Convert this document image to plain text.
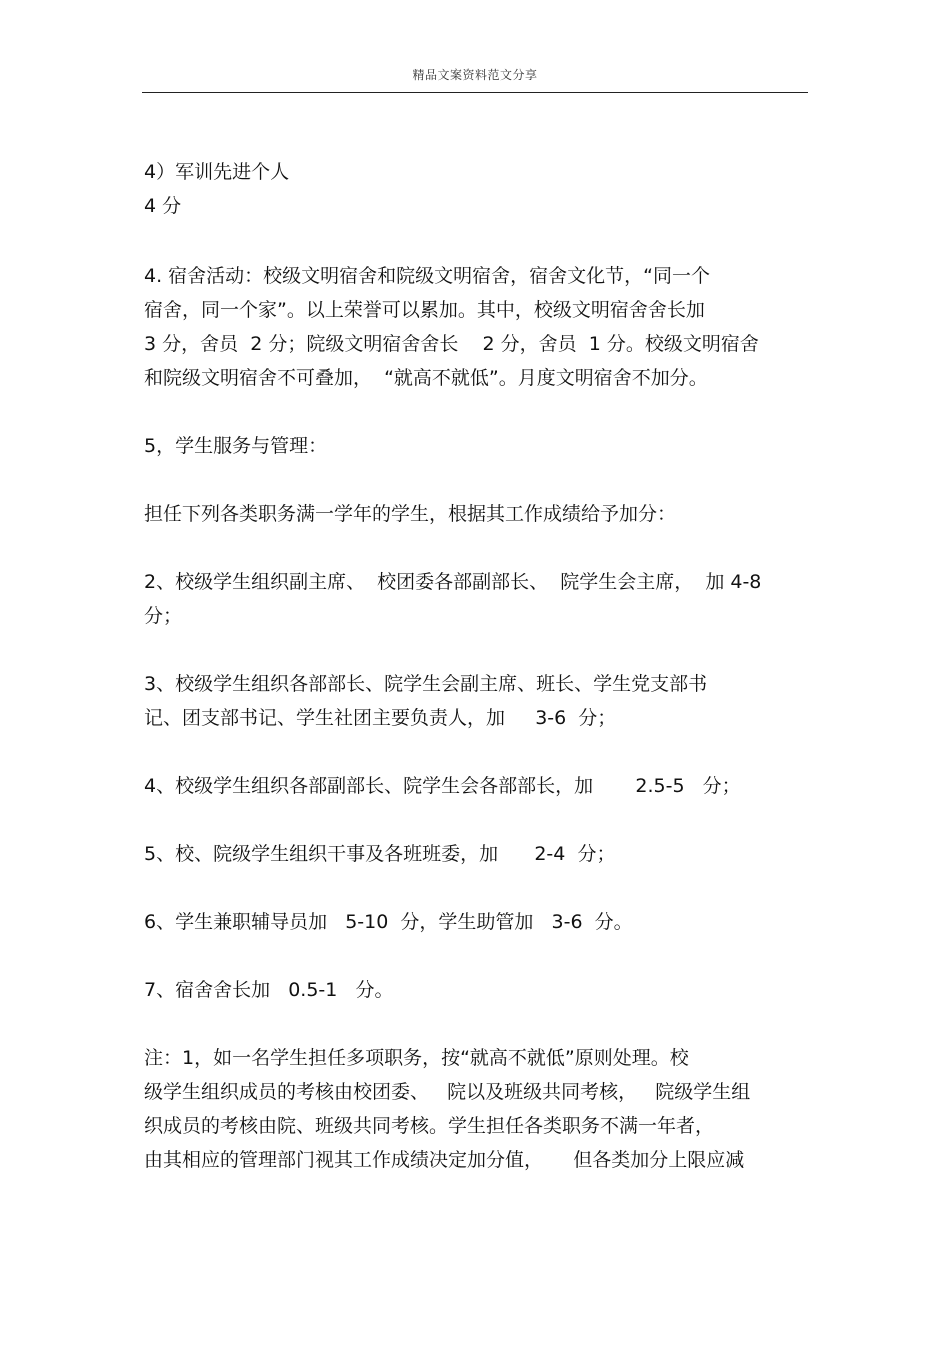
精品文案资料范文分享
4）军训先进个人
4 分
4. 宿舍活动：校级文明宿舍和院级文明宿舍，宿舍文化节，“同一个
宿舍，同一个家”。以上荣誉可以累加。其中，校级文明宿舍舍长加
3 分，舍员  2 分；院级文明宿舍舍长    2 分，舍员  1 分。校级文明宿舍
和院级文明宿舍不可叠加，  “就高不就低”。月度文明宿舍不加分。
5，学生服务与管理：
担任下列各类职务满一学年的学生，根据其工作成绩给予加分：
2、校级学生组织副主席、  校团委各部副部长、  院学生会主席，  加 4-8
分；
3、校级学生组织各部部长、院学生会副主席、班长、学生党支部书
记、团支部书记、学生社团主要负责人，加     3-6  分；
4、校级学生组织各部副部长、院学生会各部部长，加       2.5-5   分；
5、校、院级学生组织干事及各班班委，加      2-4  分；
6、学生兼职辅导员加   5-10  分，学生助管加   3-6  分。
7、宿舍舍长加   0.5-1   分。
注：1，如一名学生担任多项职务，按“就高不就低”原则处理。校
级学生组织成员的考核由校团委、   院以及班级共同考核，   院级学生组
织成员的考核由院、班级共同考核。学生担任各类职务不满一年者，
由其相应的管理部门视其工作成绩决定加分值，     但各类加分上限应减
